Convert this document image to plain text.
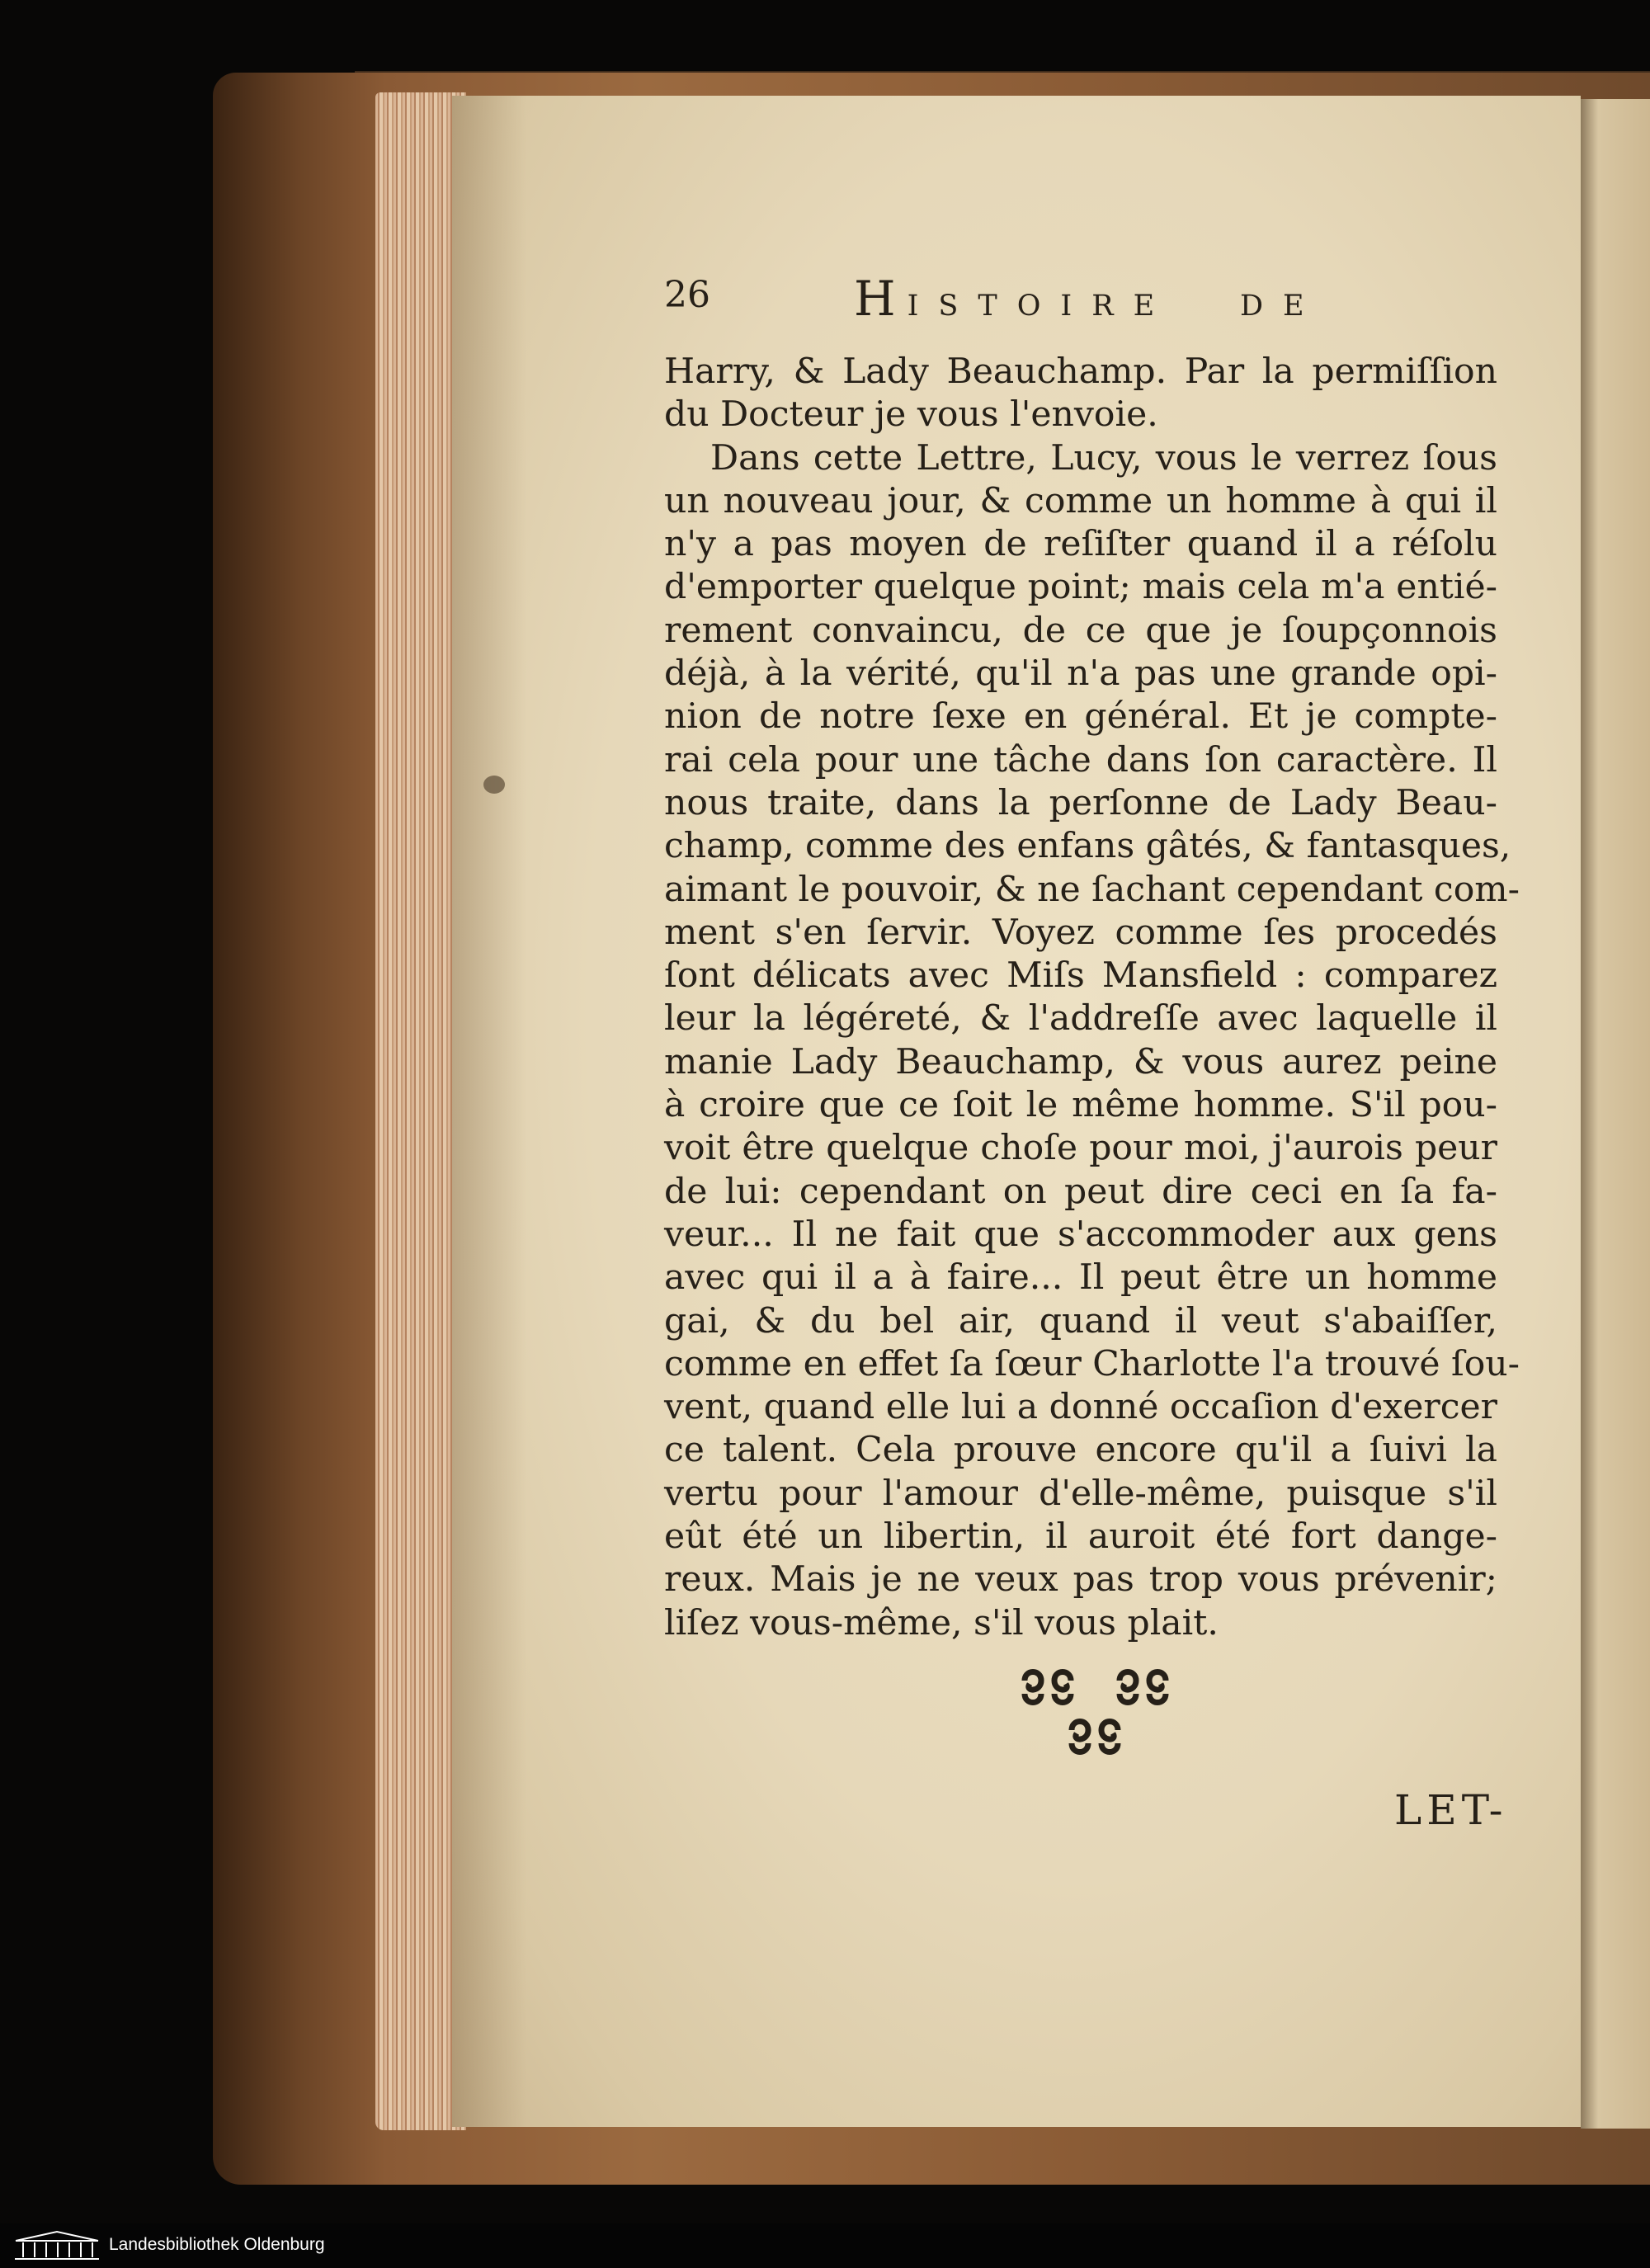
26	Histoire de
Harry, & Lady Beauchamp. Par la permiſſion
du Docteur je vous l'envoie.
Dans cette Lettre, Lucy, vous le verrez ſous
un nouveau jour, & comme un homme à qui il
n'y a pas moyen de reſiſter quand il a réſolu
d'emporter quelque point; mais cela m'a entié-
rement convaincu, de ce que je ſoupçonnois
déjà, à la vérité, qu'il n'a pas une grande opi-
nion de notre ſexe en général. Et je compte-
rai cela pour une tâche dans ſon caractère. Il
nous traite, dans la perſonne de Lady Beau-
champ, comme des enfans gâtés, & fantasques,
aimant le pouvoir, & ne ſachant cependant com-
ment s'en ſervir. Voyez comme ſes procedés
ſont délicats avec Miſs Mansfield : comparez
leur la légéreté, & l'addreſſe avec laquelle il
manie Lady Beauchamp, & vous aurez peine
à croire que ce ſoit le même homme. S'il pou-
voit être quelque choſe pour moi, j'aurois peur
de lui: cependant on peut dire ceci en ſa fa-
veur... Il ne fait que s'accommoder aux gens
avec qui il a à faire... Il peut être un homme
gai, & du bel air, quand il veut s'abaiſſer,
comme en effet ſa ſœur Charlotte l'a trouvé ſou-
vent, quand elle lui a donné occaſion d'exercer
ce talent. Cela prouve encore qu'il a ſuivi la
vertu pour l'amour d'elle-même, puisque s'il
eût été un libertin, il auroit été fort dange-
reux. Mais je ne veux pas trop vous prévenir;
liſez vous-même, s'il vous plait.
LET-
Landesbibliothek Oldenburg
